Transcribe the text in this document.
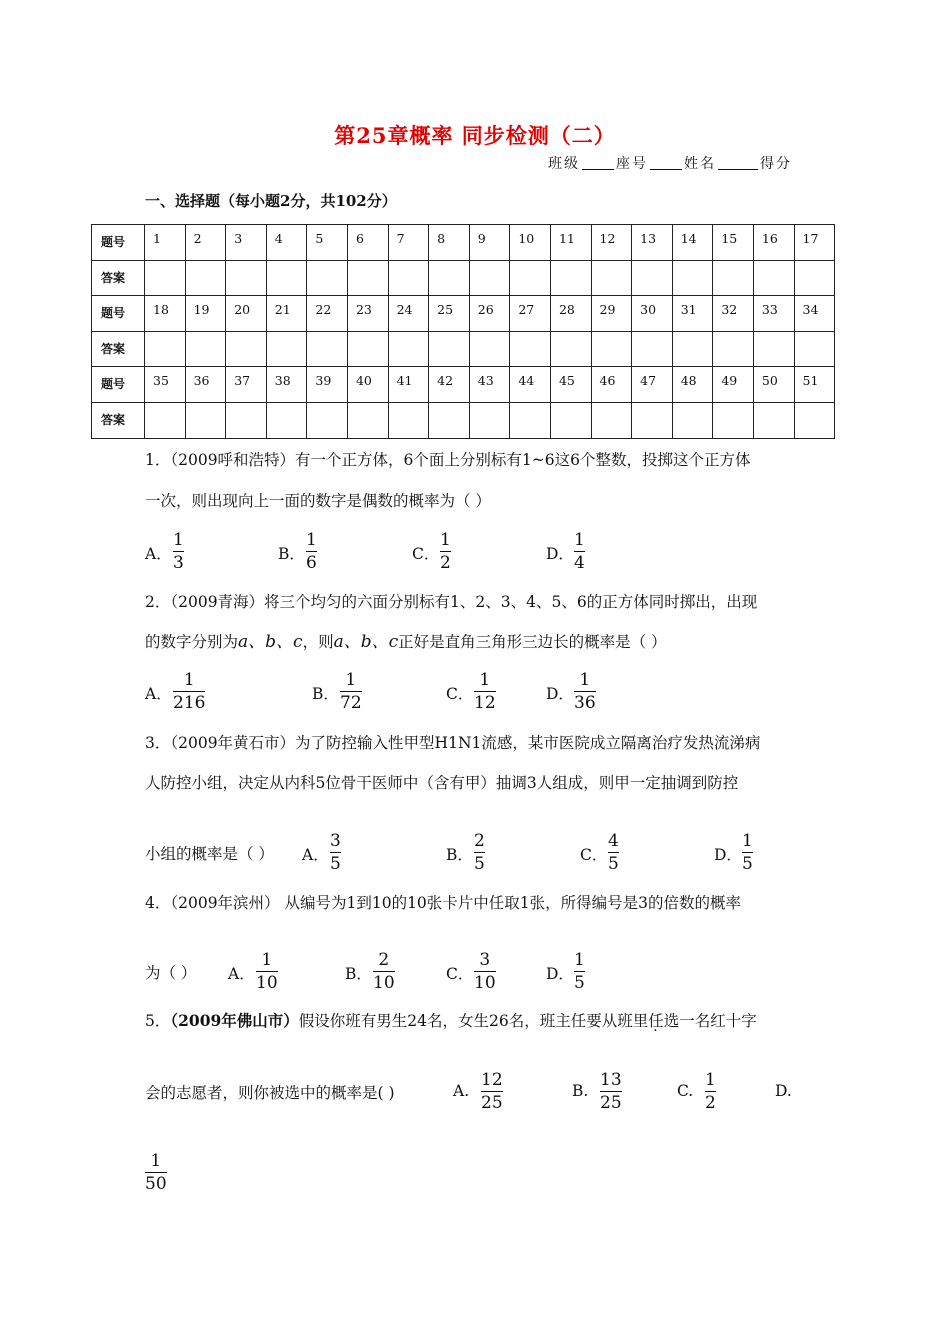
第25章概率 同步检测（二）
班级	座号	姓名	得分
一、选择题（每小题2分，共102分）
题号	1	2	3	4	5	6	7	8	9	10	11	12	13	14	15	16	17
答案																	
题号	18	19	20	21	22	23	24	25	26	27	28	29	30	31	32	33	34
答案																	
题号	35	36	37	38	39	40	41	42	43	44	45	46	47	48	49	50	51
答案																	
1．（2009呼和浩特）有一个正方体，6个面上分别标有1~6这6个整数，投掷这个正方体
一次，则出现向上一面的数字是偶数的概率为（ ）
A．
1
3	B．
1
6	C．
1
2	D．
1
4
2．（2009青海）将三个均匀的六面分别标有1、2、3、4、5、6的正方体同时掷出，出现
的数字分别为a、b、c，则a、b、c正好是直角三角形三边长的概率是（ ）
A．
1
216	B．
1
72	C．
1
12	D．
1
36
3．（2009年黄石市）为了防控输入性甲型H1N1流感，某市医院成立隔离治疗发热流涕病
人防控小组，决定从内科5位骨干医师中（含有甲）抽调3人组成，则甲一定抽调到防控
小组的概率是（ ） A．
3
5	B．
2
5	C．
4
5	D．
1
5
4．（2009年滨州） 从编号为1到10的10张卡片中任取1张，所得编号是3的倍数的概率
为（ ） A．
1
10	B．
2
10	C．
3
10	D．
1
5
5．（2009年佛山市）假设你班有男生24名，女生26名，班主任要从班里任选一名红十字
会的志愿者，则你被选中的概率是( )	A.
12
25
B.
13
25
C.
1
2
D.
1
50
